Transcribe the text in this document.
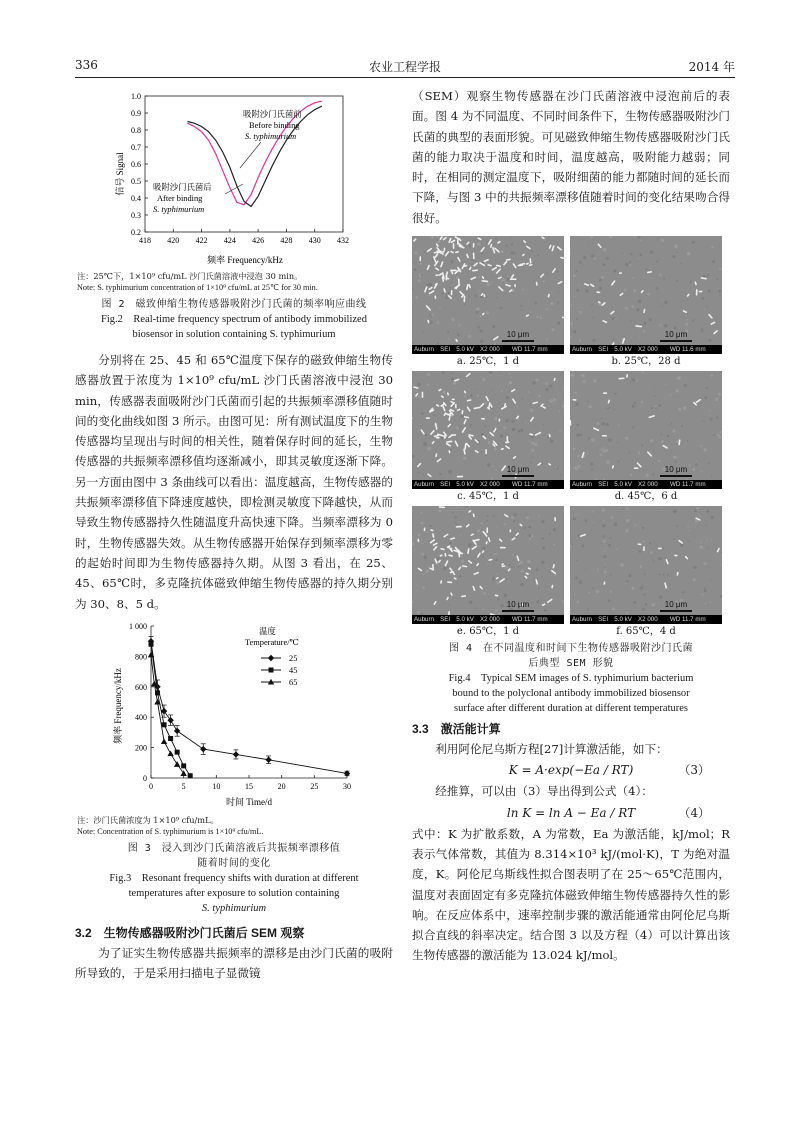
336	农业工程学报	2014 年
信号 Signal
频率 Frequency/kHz
418 420 422 424 426 428 430 432
0.2
0.3
0.4
0.5
0.6
0.7
0.8
0.9
1.0
吸附沙门氏菌前
Before binding
S. typhimurium
吸附沙门氏菌后
After binding
S. typhimurium
注：25℃下，1×10⁹ cfu/mL 沙门氏菌溶液中浸泡 30 min。
Note: S. typhimurium concentration of 1×10⁹ cfu/mL at 25℃ for 30 min.
图 2　磁致伸缩生物传感器吸附沙门氏菌的频率响应曲线
Fig.2　Real-time frequency spectrum of antibody immobilized
biosensor in solution containing S. typhimurium

分别将在 25、45 和 65℃温度下保存的磁致伸缩生物传感器放置于浓度为 1×10⁹ cfu/mL 沙门氏菌溶液中浸泡 30 min，传感器表面吸附沙门氏菌而引起的共振频率漂移值随时间的变化曲线如图 3 所示。由图可见：所有测试温度下的生物传感器均呈现出与时间的相关性，随着保存时间的延长，生物传感器的共振频率漂移值均逐渐减小，即其灵敏度逐渐下降。另一方面由图中 3 条曲线可以看出：温度越高，生物传感器的共振频率漂移值下降速度越快，即检测灵敏度下降越快，从而导致生物传感器持久性随温度升高快速下降。当频率漂移为 0 时，生物传感器失效。从生物传感器开始保存到频率漂移为零的起始时间即为生物传感器持久期。从图 3 看出，在 25、45、65℃时，多克隆抗体磁致伸缩生物传感器的持久期分别为 30、8、5 d。

频率 Frequency/kHz
时间 Time/d
0	5	10	15	20	25	30
0
200
400
600
800
1 000
温度
Temperature/℃
25
45
65
注：沙门氏菌浓度为 1×10⁹ cfu/mL。
Note: Concentration of S. typhimurium is 1×10⁹ cfu/mL.
图 3　浸入到沙门氏菌溶液后共振频率漂移值
随着时间的变化
Fig.3　Resonant frequency shifts with duration at different
temperatures after exposure to solution containing
S. typhimurium
3.2　生物传感器吸附沙门氏菌后 SEM 观察

为了证实生物传感器共振频率的漂移是由沙门氏菌的吸附所导致的，于是采用扫描电子显微镜

（SEM）观察生物传感器在沙门氏菌溶液中浸泡前后的表面。图 4 为不同温度、不同时间条件下，生物传感器吸附沙门氏菌的典型的表面形貌。可见磁致伸缩生物传感器吸附沙门氏菌的能力取决于温度和时间，温度越高，吸附能力越弱；同时，在相同的测定温度下，吸附细菌的能力都随时间的延长而下降，与图 3 中的共振频率漂移值随着时间的变化结果吻合得很好。

10 μm
Auburn　SEI　5.0 kV　X2 000　　WD 11.7 mm
a. 25℃，1 d
10 μm
Auburn　SEI　5.0 kV　X2 000　　WD 11.6 mm
b. 25℃，28 d
10 μm
Auburn　SEI　5.0 kV　X2 000　　WD 11.7 mm
c. 45℃，1 d
10 μm
Auburn　SEI　5.0 kV　X2 000　　WD 11.7 mm
d. 45℃，6 d
10 μm
Auburn　SEI　5.0 kV　X2 000　　WD 11.7 mm
e. 65℃，1 d
10 μm
Auburn　SEI　5.0 kV　X2 000　　WD 11.7 mm
f. 65℃，4 d
图 4　在不同温度和时间下生物传感器吸附沙门氏菌
后典型 SEM 形貌
Fig.4　Typical SEM images of S. typhimurium bacterium
bound to the polyclonal antibody immobilized biosensor
surface after different duration at different temperatures
3.3　激活能计算

利用阿伦尼乌斯方程[27]计算激活能，如下：

K = A·exp(−Ea / RT)	（3）

经推算，可以由（3）导出得到公式（4）：

ln K = ln A − Ea / RT	（4）

式中：K 为扩散系数，A 为常数，Ea 为激活能，kJ/mol；R 表示气体常数，其值为 8.314×10³ kJ/(mol·K)，T 为绝对温度，K。阿伦尼乌斯线性拟合图表明了在 25～65℃范围内，温度对表面固定有多克隆抗体磁致伸缩生物传感器持久性的影响。在反应体系中，速率控制步骤的激活能通常由阿伦尼乌斯拟合直线的斜率决定。结合图 3 以及方程（4）可以计算出该生物传感器的激活能为 13.024 kJ/mol。
